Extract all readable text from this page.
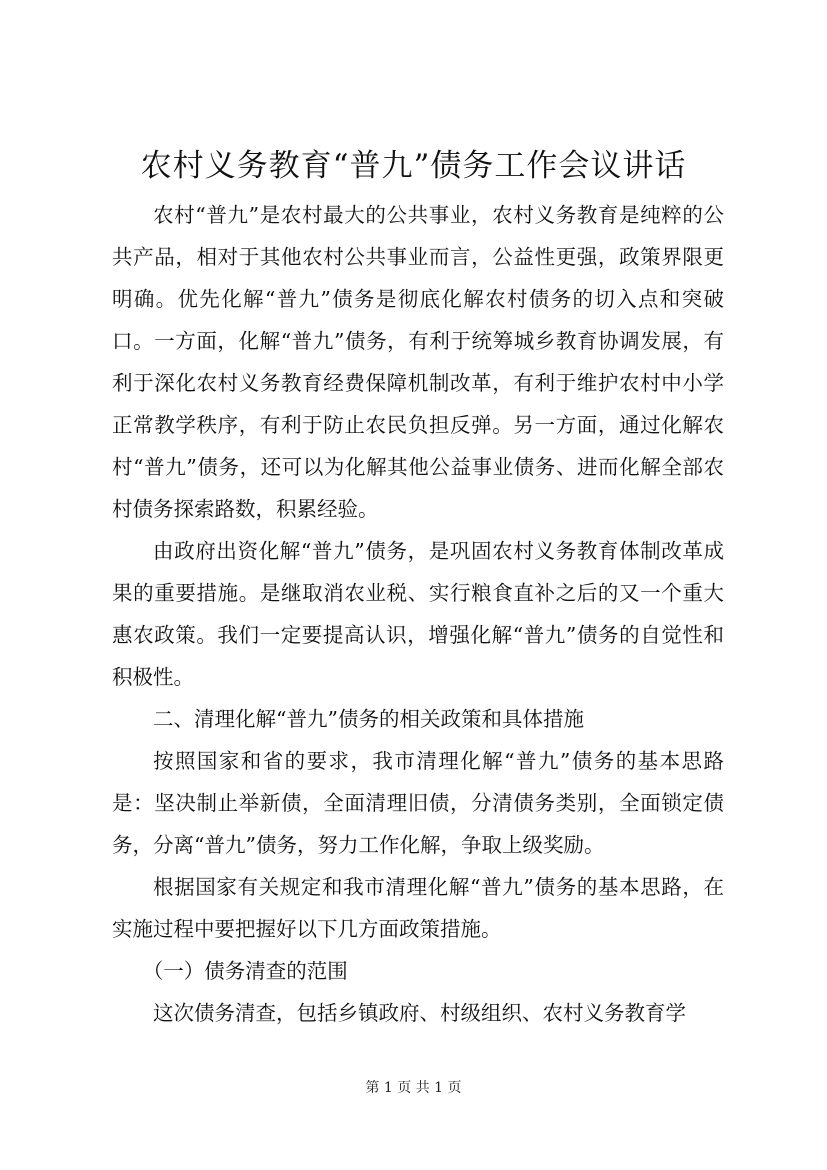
农村义务教育“普九”债务工作会议讲话

农村“普九”是农村最大的公共事业，农村义务教育是纯粹的公共产品，相对于其他农村公共事业而言，公益性更强，政策界限更明确。优先化解“普九”债务是彻底化解农村债务的切入点和突破口。一方面，化解“普九”债务，有利于统筹城乡教育协调发展，有利于深化农村义务教育经费保障机制改革，有利于维护农村中小学正常教学秩序，有利于防止农民负担反弹。另一方面，通过化解农村“普九”债务，还可以为化解其他公益事业债务、进而化解全部农村债务探索路数，积累经验。

由政府出资化解“普九”债务，是巩固农村义务教育体制改革成果的重要措施。是继取消农业税、实行粮食直补之后的又一个重大惠农政策。我们一定要提高认识，增强化解“普九”债务的自觉性和积极性。

二、清理化解“普九”债务的相关政策和具体措施

按照国家和省的要求，我市清理化解“普九”债务的基本思路是：坚决制止举新债，全面清理旧债，分清债务类别，全面锁定债务，分离“普九”债务，努力工作化解，争取上级奖励。

根据国家有关规定和我市清理化解“普九”债务的基本思路，在实施过程中要把握好以下几方面政策措施。

（一）债务清查的范围

这次债务清查，包括乡镇政府、村级组织、农村义务教育学

第 1 页 共 1 页
